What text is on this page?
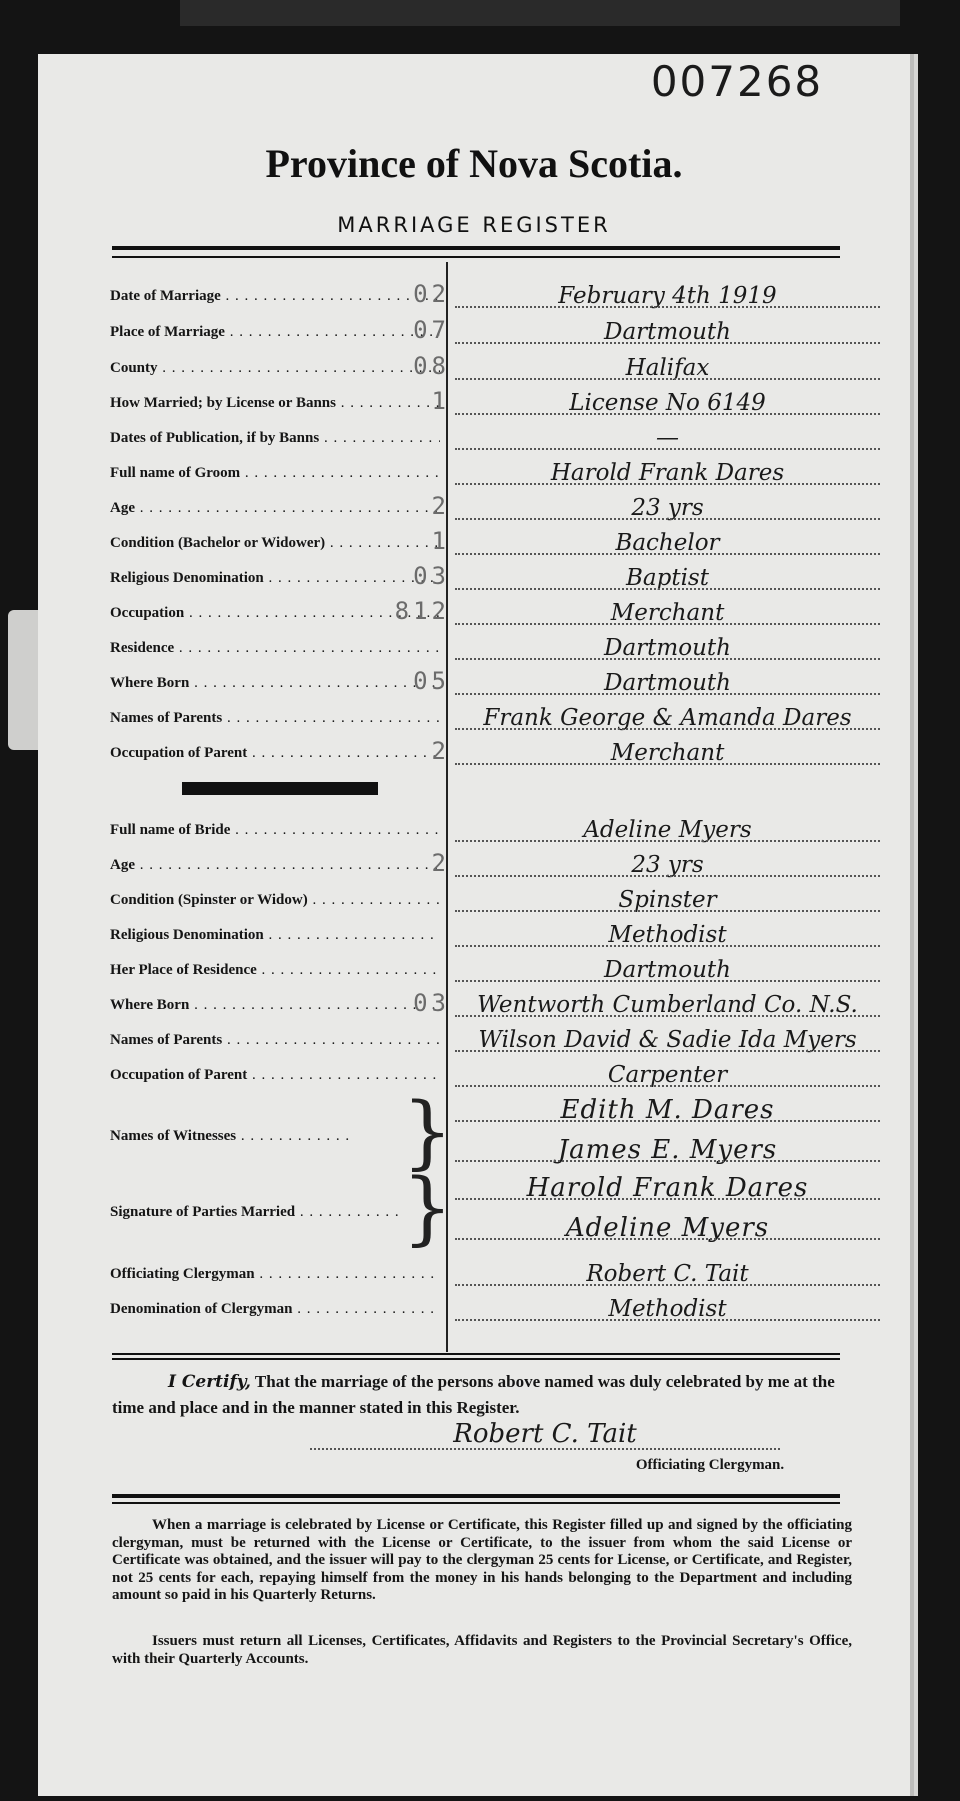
007268
Province of Nova Scotia.
MARRIAGE REGISTER
Date of Marriage . . .	02	February 4th 1919
Place of Marriage . . .	07	Dartmouth
County . . .	08	Halifax
How Married; by License or Banns . . .	1	License No 6149
Dates of Publication, if by Banns . . .	—
Full name of Groom . . .	Harold Frank Dares
Age . . .	2	23 yrs
Condition (Bachelor or Widower) . . .	1	Bachelor
Religious Denomination . . .	03	Baptist
Occupation . . .	812	Merchant
Residence . . .	Dartmouth
Where Born . . .	05	Dartmouth
Names of Parents . . .	Frank George & Amanda Dares
Occupation of Parent . . .	2	Merchant
Full name of Bride . . .	Adeline Myers
Age . . .	2	23 yrs
Condition (Spinster or Widow) . . .	Spinster
Religious Denomination . . .	Methodist
Her Place of Residence . . .	Dartmouth
Where Born . . .	03	Wentworth Cumberland Co. N.S.
Names of Parents . . .	Wilson David & Sadie Ida Myers
Occupation of Parent . . .	Carpenter
Names of Witnesses . . .	}	Edith M. Dares
James E. Myers
Signature of Parties Married . . .	}	Harold Frank Dares
Adeline Myers
Officiating Clergyman . . .	Robert C. Tait
Denomination of Clergyman . . .	Methodist

I Certify, That the marriage of the persons above named was duly celebrated by me at the time and place and in the manner stated in this Register.

Robert C. Tait
Officiating Clergyman.

When a marriage is celebrated by License or Certificate, this Register filled up and signed by the officiating clergyman, must be returned with the License or Certificate, to the issuer from whom the said License or Certificate was obtained, and the issuer will pay to the clergyman 25 cents for License, or Certificate, and Register, not 25 cents for each, repaying himself from the money in his hands belonging to the Department and including amount so paid in his Quarterly Returns.

Issuers must return all Licenses, Certificates, Affidavits and Registers to the Provincial Secretary's Office, with their Quarterly Accounts.
